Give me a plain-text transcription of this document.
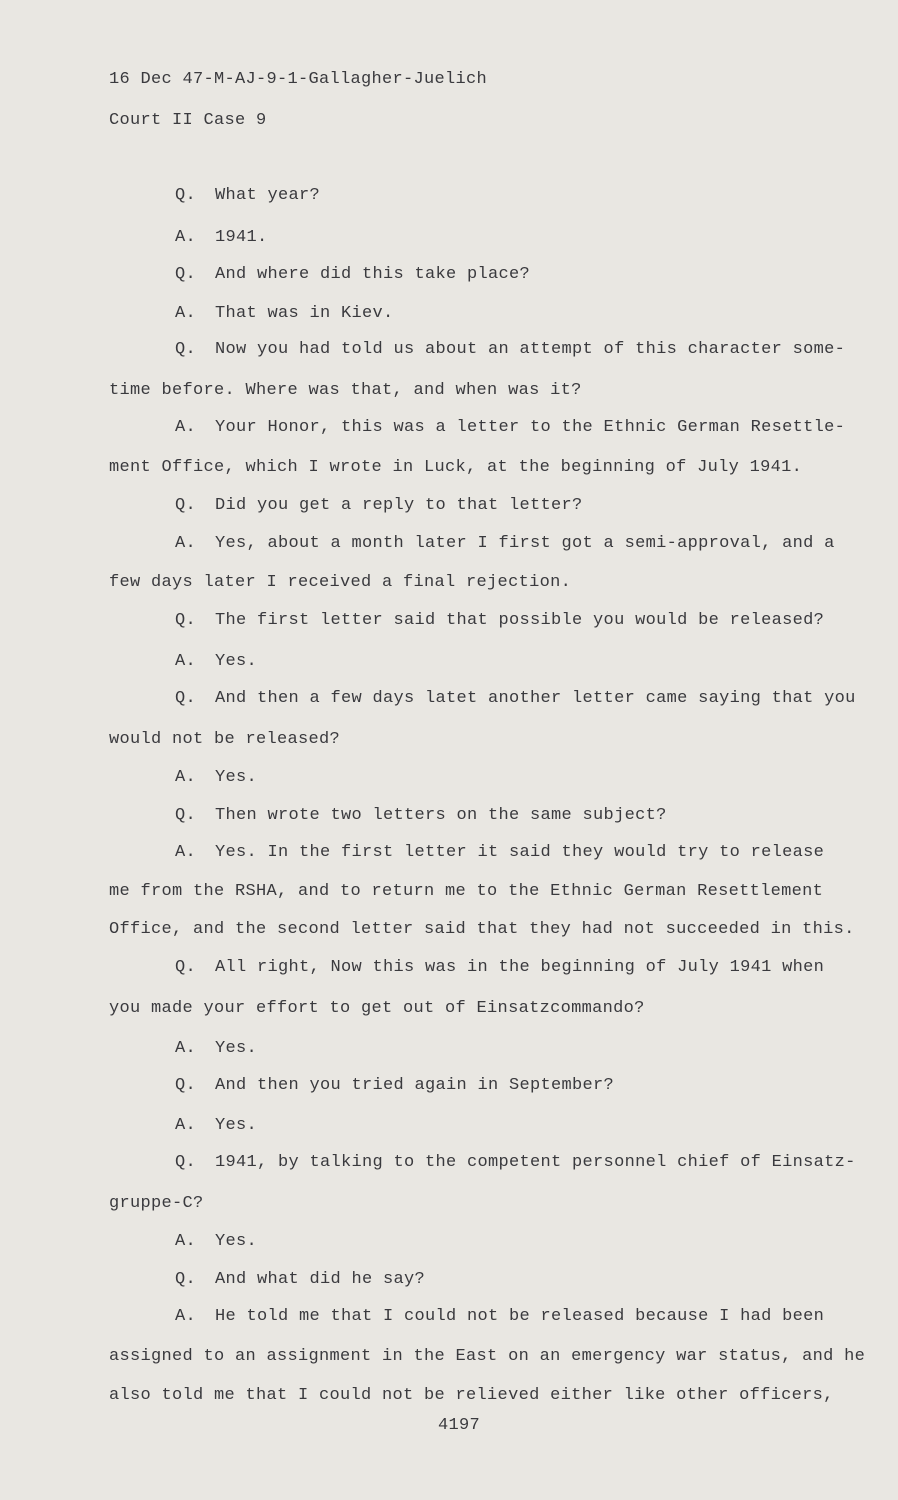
16 Dec 47-M-AJ-9-1-Gallagher-Juelich
Court II Case 9
Q. What year?
A. 1941.
Q. And where did this take place?
A. That was in Kiev.
Q. Now you had told us about an attempt of this character some-
time before. Where was that, and when was it?
A. Your Honor, this was a letter to the Ethnic German Resettle-
ment Office, which I wrote in Luck, at the beginning of July 1941.
Q. Did you get a reply to that letter?
A. Yes, about a month later I first got a semi-approval, and a
few days later I received a final rejection.
Q. The first letter said that possible you would be released?
A. Yes.
Q. And then a few days latet another letter came saying that you
would not be released?
A. Yes.
Q. Then wrote two letters on the same subject?
A. Yes. In the first letter it said they would try to release
me from the RSHA, and to return me to the Ethnic German Resettlement
Office, and the second letter said that they had not succeeded in this.
Q. All right, Now this was in the beginning of July 1941 when
you made your effort to get out of Einsatzcommando?
A. Yes.
Q. And then you tried again in September?
A. Yes.
Q. 1941, by talking to the competent personnel chief of Einsatz-
gruppe-C?
A. Yes.
Q. And what did he say?
A. He told me that I could not be released because I had been
assigned to an assignment in the East on an emergency war status, and he
also told me that I could not be relieved either like other officers,
4197
